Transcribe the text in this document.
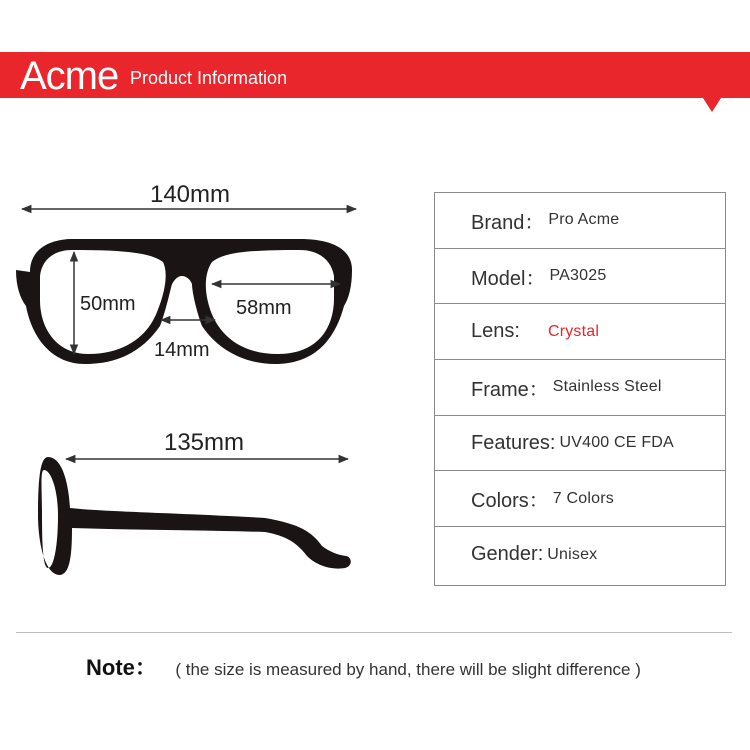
Acme Product Information
140mm
50mm	58mm
14mm
135mm
Brand： Pro Acme
Model： PA3025
Lens: Crystal
Frame： Stainless Steel
Features: UV400 CE FDA
Colors： 7 Colors
Gender: Unisex
Note： ( the size is measured by hand, there will be slight difference )
